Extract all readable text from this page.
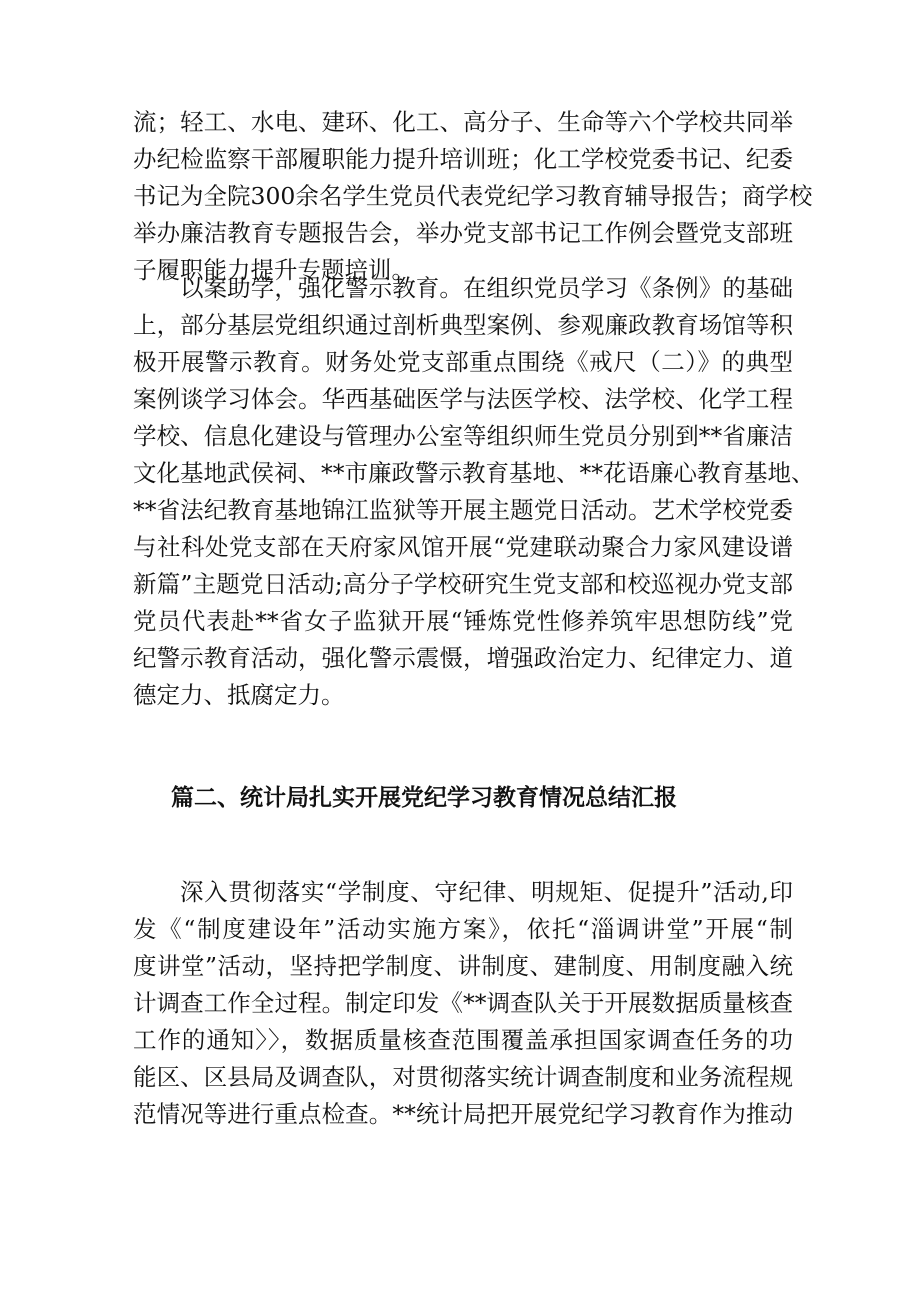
流；轻工、水电、建环、化工、高分子、生命等六个学校共同举
办纪检监察干部履职能力提升培训班；化工学校党委书记、纪委
书记为全院300余名学生党员代表党纪学习教育辅导报告；商学校
举办廉洁教育专题报告会，举办党支部书记工作例会暨党支部班
子履职能力提升专题培训。
以案助学，强化警示教育。在组织党员学习《条例》的基础
上，部分基层党组织通过剖析典型案例、参观廉政教育场馆等积
极开展警示教育。财务处党支部重点围绕《戒尺（二）》的典型
案例谈学习体会。华西基础医学与法医学校、法学校、化学工程
学校、信息化建设与管理办公室等组织师生党员分别到**省廉洁
文化基地武侯祠、**市廉政警示教育基地、**花语廉心教育基地、
**省法纪教育基地锦江监狱等开展主题党日活动。艺术学校党委
与社科处党支部在天府家风馆开展“党建联动聚合力家风建设谱
新篇”主题党日活动;高分子学校研究生党支部和校巡视办党支部
党员代表赴**省女子监狱开展“锤炼党性修养筑牢思想防线”党
纪警示教育活动，强化警示震慑，增强政治定力、纪律定力、道
德定力、抵腐定力。
篇二、统计局扎实开展党纪学习教育情况总结汇报
深入贯彻落实“学制度、守纪律、明规矩、促提升”活动,印
发《“制度建设年”活动实施方案》，依托“淄调讲堂”开展“制
度讲堂”活动，坚持把学制度、讲制度、建制度、用制度融入统
计调查工作全过程。制定印发《**调查队关于开展数据质量核查
工作的通知〉〉，数据质量核查范围覆盖承担国家调查任务的功
能区、区县局及调查队，对贯彻落实统计调查制度和业务流程规
范情况等进行重点检查。**统计局把开展党纪学习教育作为推动
